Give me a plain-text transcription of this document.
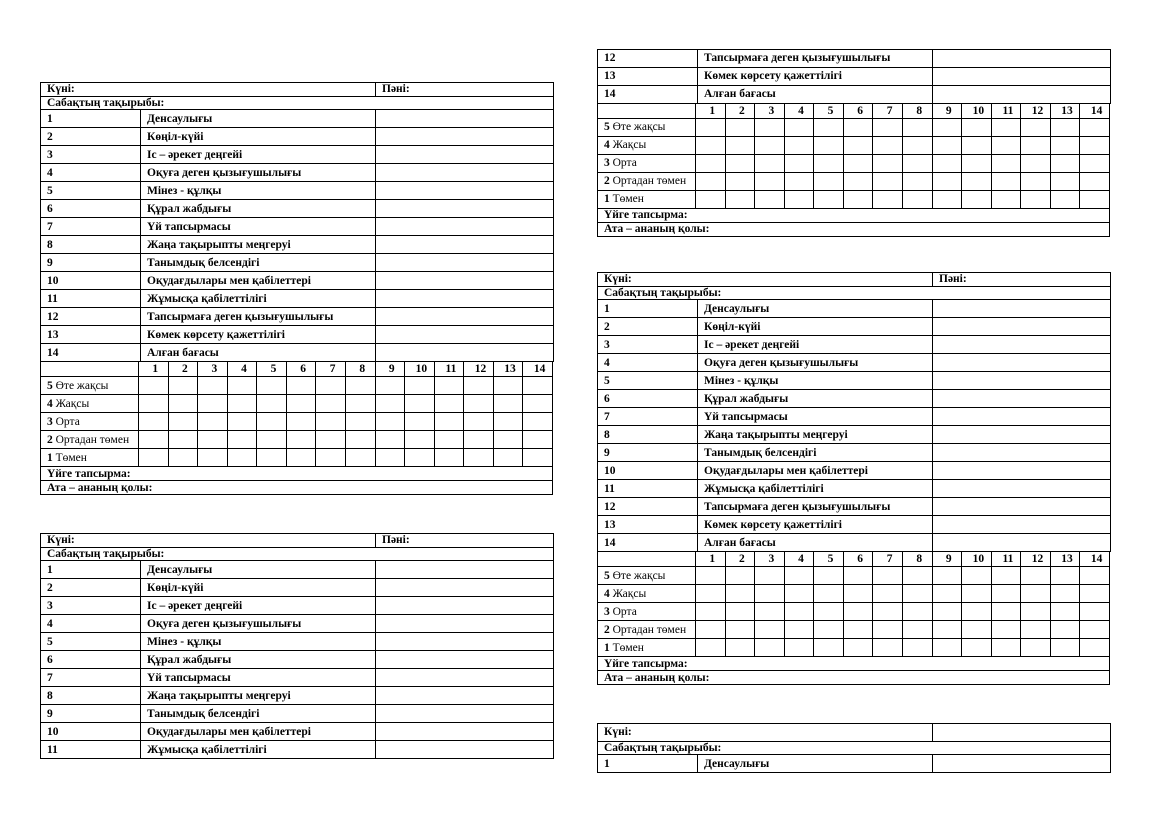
Күні:	Пәні:
Сабақтың тақырыбы:
1	Денсаулығы	
2	Көңіл-күйі	
3	Іс – әрекет деңгейі	
4	Оқуға деген қызығушылығы	
5	Мінез - құлқы	
6	Құрал жабдығы	
7	Үй тапсырмасы	
8	Жаңа тақырыпты меңгеруі	
9	Танымдық белсендігі	
10	Оқудағдылары мен қабілеттері	
11	Жұмысқа қабілеттілігі	
12	Тапсырмаға деген қызығушылығы	
13	Көмек көрсету қажеттілігі	
14	Алған бағасы	
	1	2	3	4	5	6	7	8	9	10	11	12	13	14
5 Өте жақсы														
4 Жақсы														
3 Орта														
2 Ортадан төмен														
1 Төмен														
Үйге тапсырма:
Ата – ананың қолы:
Күні:	Пәні:
Сабақтың тақырыбы:
1	Денсаулығы	
2	Көңіл-күйі	
3	Іс – әрекет деңгейі	
4	Оқуға деген қызығушылығы	
5	Мінез - құлқы	
6	Құрал жабдығы	
7	Үй тапсырмасы	
8	Жаңа тақырыпты меңгеруі	
9	Танымдық белсендігі	
10	Оқудағдылары мен қабілеттері	
11	Жұмысқа қабілеттілігі	
12	Тапсырмаға деген қызығушылығы	
13	Көмек көрсету қажеттілігі	
14	Алған бағасы	
	1	2	3	4	5	6	7	8	9	10	11	12	13	14
5 Өте жақсы														
4 Жақсы														
3 Орта														
2 Ортадан төмен														
1 Төмен														
Үйге тапсырма:
Ата – ананың қолы:
Күні:	Пәні:
Сабақтың тақырыбы:
1	Денсаулығы	
2	Көңіл-күйі	
3	Іс – әрекет деңгейі	
4	Оқуға деген қызығушылығы	
5	Мінез - құлқы	
6	Құрал жабдығы	
7	Үй тапсырмасы	
8	Жаңа тақырыпты меңгеруі	
9	Танымдық белсендігі	
10	Оқудағдылары мен қабілеттері	
11	Жұмысқа қабілеттілігі	
12	Тапсырмаға деген қызығушылығы	
13	Көмек көрсету қажеттілігі	
14	Алған бағасы	
	1	2	3	4	5	6	7	8	9	10	11	12	13	14
5 Өте жақсы														
4 Жақсы														
3 Орта														
2 Ортадан төмен														
1 Төмен														
Үйге тапсырма:
Ата – ананың қолы:
Күні:	
Сабақтың тақырыбы:
1	Денсаулығы	
